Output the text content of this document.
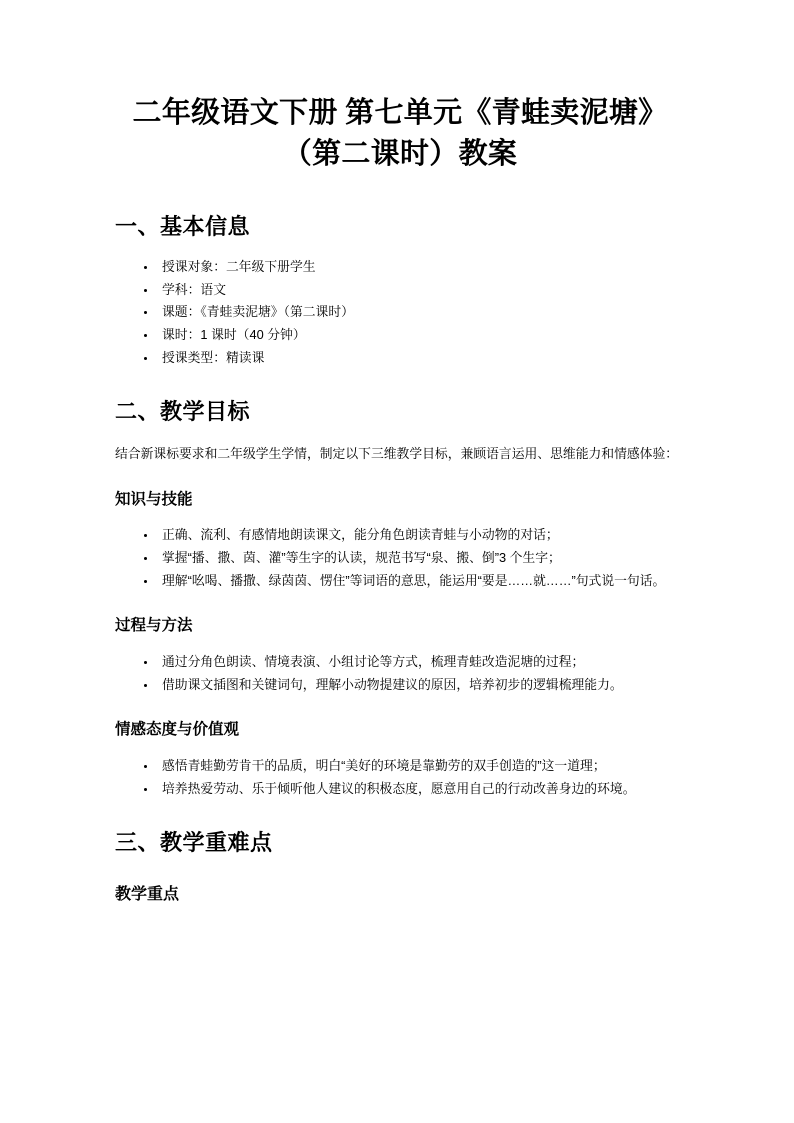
二年级语文下册 第七单元《青蛙卖泥塘》（第二课时）教案
一、基本信息
授课对象：二年级下册学生
学科：语文
课题：《青蛙卖泥塘》（第二课时）
课时：1 课时（40 分钟）
授课类型：精读课
二、教学目标

结合新课标要求和二年级学生学情，制定以下三维教学目标，兼顾语言运用、思维能力和情感体验：

知识与技能
正确、流利、有感情地朗读课文，能分角色朗读青蛙与小动物的对话；
掌握“播、撒、茵、灌”等生字的认读，规范书写“泉、搬、倒”3 个生字；
理解“吆喝、播撒、绿茵茵、愣住”等词语的意思，能运用“要是……就……”句式说一句话。
过程与方法
通过分角色朗读、情境表演、小组讨论等方式，梳理青蛙改造泥塘的过程；
借助课文插图和关键词句，理解小动物提建议的原因，培养初步的逻辑梳理能力。
情感态度与价值观
感悟青蛙勤劳肯干的品质，明白“美好的环境是靠勤劳的双手创造的”这一道理；
培养热爱劳动、乐于倾听他人建议的积极态度，愿意用自己的行动改善身边的环境。
三、教学重难点
教学重点
